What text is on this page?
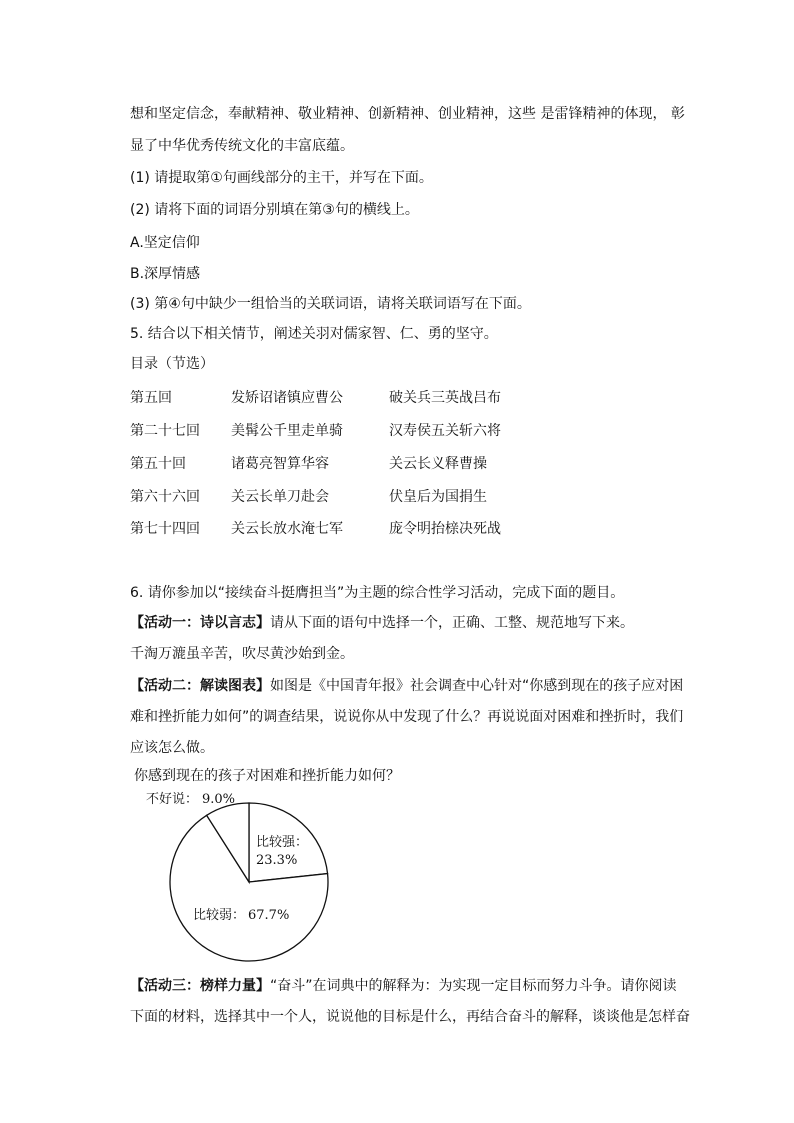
想和坚定信念，奉献精神、敬业精神、创新精神、创业精神，这些 是雷锋精神的体现， 彰
显了中华优秀传统文化的丰富底蕴。
(1) 请提取第①句画线部分的主干，并写在下面。
(2) 请将下面的词语分别填在第③句的横线上。
A.坚定信仰
B.深厚情感
(3) 第④句中缺少一组恰当的关联词语，请将关联词语写在下面。
5. 结合以下相关情节，阐述关羽对儒家智、仁、勇的坚守。
目录（节选）
第五回	发矫诏诸镇应曹公	破关兵三英战吕布
第二十七回 美髯公千里走单骑	汉寿侯五关斩六将
第五十回	诸葛亮智算华容	关云长义释曹操
第六十六回 关云长单刀赴会	伏皇后为国捐生
第七十四回 关云长放水淹七军	庞令明抬榇决死战
6. 请你参加以“接续奋斗挺膺担当”为主题的综合性学习活动，完成下面的题目。
【活动一：诗以言志】请从下面的语句中选择一个，正确、工整、规范地写下来。
千淘万漉虽辛苦，吹尽黄沙始到金。
【活动二：解读图表】如图是《中国青年报》社会调查中心针对“你感到现在的孩子应对困
难和挫折能力如何”的调查结果，说说你从中发现了什么？再说说面对困难和挫折时，我们
应该怎么做。
你感到现在的孩子对困难和挫折能力如何？
比较强：
23.3%
比较弱： 67.7%
不好说： 9.0%
【活动三：榜样力量】“奋斗”在词典中的解释为：为实现一定目标而努力斗争。请你阅读
下面的材料，选择其中一个人，说说他的目标是什么，再结合奋斗的解释，谈谈他是怎样奋
